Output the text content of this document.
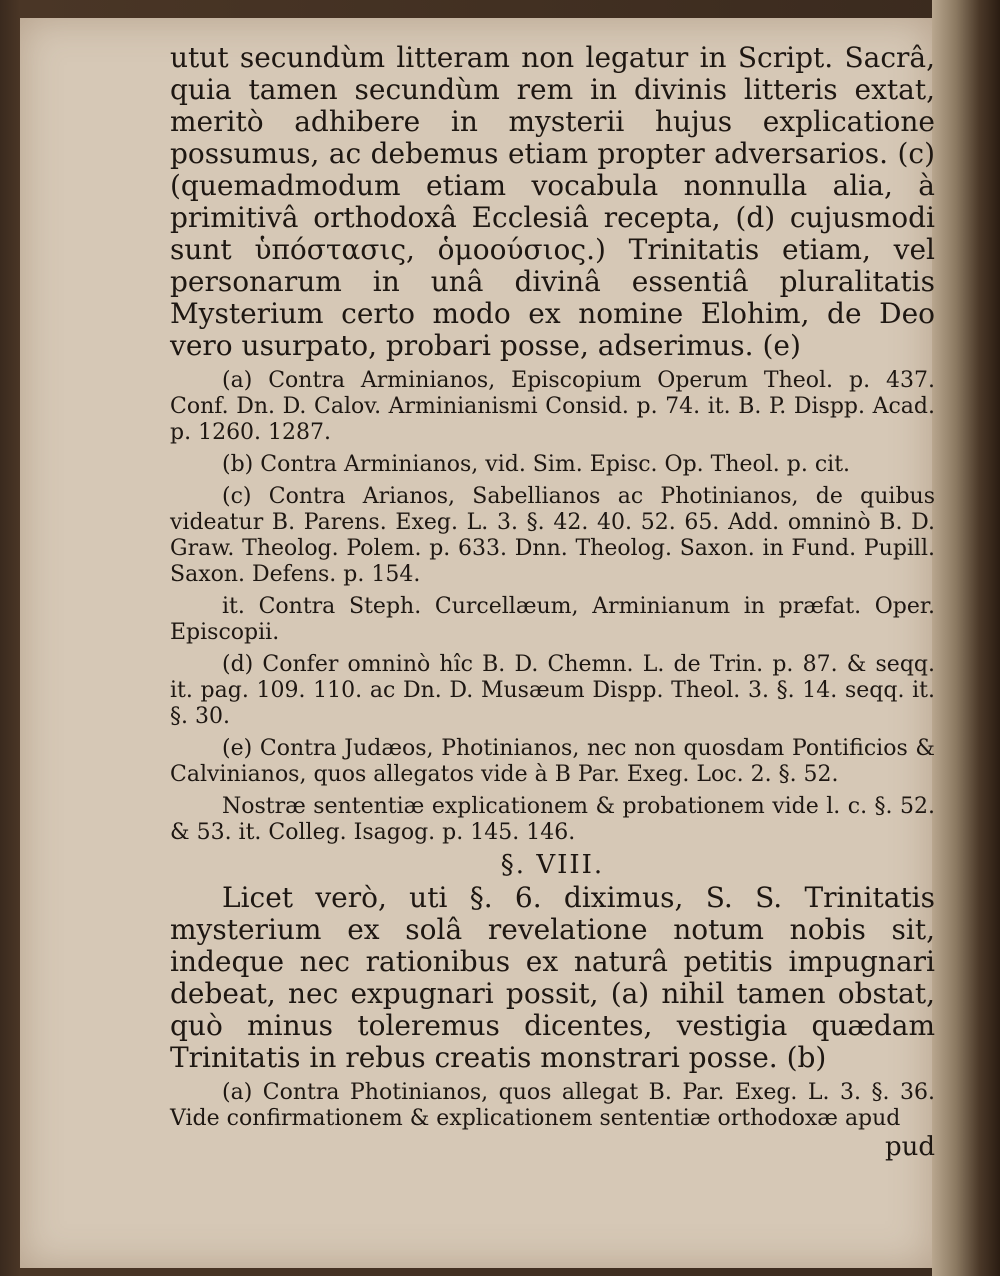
utut secundùm litteram non legatur in Script. Sacrâ, quia tamen secundùm rem in divinis litteris extat, meritò adhibere in mysterii hujus explicatione possumus, ac debemus etiam propter adversarios. (c) (quemadmodum etiam vocabula nonnulla alia, à primitivâ orthodoxâ Ecclesiâ recepta, (d) cujusmodi sunt ὑπόστασις, ὁμοούσιος.) Trinitatis etiam, vel personarum in unâ divinâ essentiâ pluralitatis Mysterium certo modo ex nomine Elohim, de Deo vero usurpato, probari posse, adserimus. (e)

(a) Contra Arminianos, Episcopium Operum Theol. p. 437. Conf. Dn. D. Calov. Arminianismi Consid. p. 74. it. B. P. Dispp. Acad. p. 1260. 1287.

(b) Contra Arminianos, vid. Sim. Episc. Op. Theol. p. cit.

(c) Contra Arianos, Sabellianos ac Photinianos, de quibus videatur B. Parens. Exeg. L. 3. §. 42. 40. 52. 65. Add. omninò B. D. Graw. Theolog. Polem. p. 633. Dnn. Theolog. Saxon. in Fund. Pupill. Saxon. Defens. p. 154.

it. Contra Steph. Curcellæum, Arminianum in præfat. Oper. Episcopii.

(d) Confer omninò hîc B. D. Chemn. L. de Trin. p. 87. & seqq. it. pag. 109. 110. ac Dn. D. Musæum Dispp. Theol. 3. §. 14. seqq. it. §. 30.

(e) Contra Judæos, Photinianos, nec non quosdam Pontificios & Calvinianos, quos allegatos vide à B Par. Exeg. Loc. 2. §. 52.

Nostræ sententiæ explicationem & probationem vide l. c. §. 52. & 53. it. Colleg. Isagog. p. 145. 146.

§. VIII.

Licet verò, uti §. 6. diximus, S. S. Trinitatis mysterium ex solâ revelatione notum nobis sit, indeque nec rationibus ex naturâ petitis impugnari debeat, nec expugnari possit, (a) nihil tamen obstat, quò minus toleremus dicentes, vestigia quædam Trinitatis in rebus creatis monstrari posse. (b)

(a) Contra Photinianos, quos allegat B. Par. Exeg. L. 3. §. 36. Vide confirmationem & explicationem sententiæ orthodoxæ apud

pud
